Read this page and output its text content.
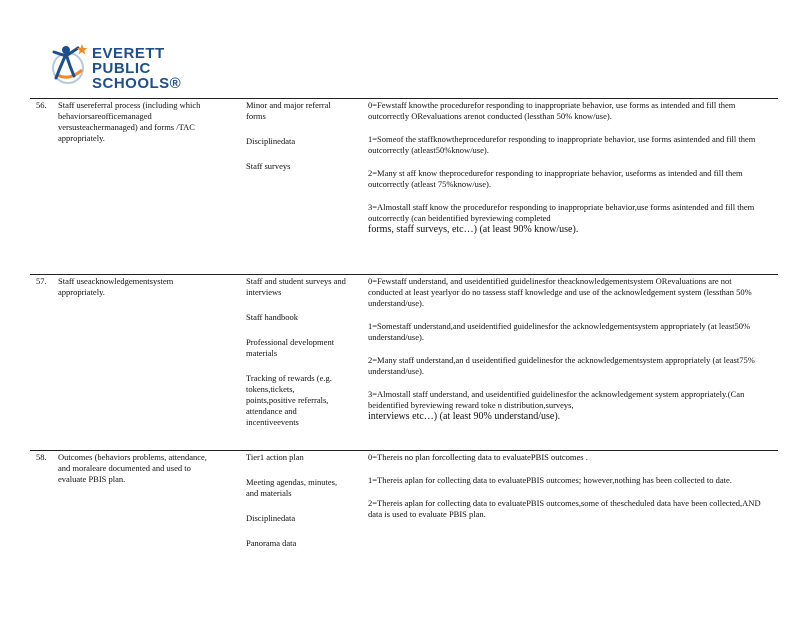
EVERETT
PUBLIC
SCHOOLS®
56. Staff usereferral process (including which behaviorsareofficemanaged versusteachermanaged) and forms /TAC appropriately.
Minor and major referral forms
Disciplinedata
Staff surveys
0=Fewstaff knowthe procedurefor responding to inappropriate behavior, use forms as intended and fill them outcorrectly ORevaluations arenot conducted (lessthan 50% know/use).
1=Someof the staffknowtheprocedurefor responding to inappropriate behavior, use forms asintended and fill them outcorrectly (atleast50%know/use).
2=Many st aff know theprocedurefor responding to inappropriate behavior, useforms as intended and fill them outcorrectly (atleast 75%know/use).
3=Almostall staff know the procedurefor responding to inappropriate behavior,use forms asintended and fill them outcorrectly (can beidentified byreviewing completed
forms, staff surveys, etc…) (at least 90% know/use).
57. Staff useacknowledgementsystem appropriately.
Staff and student surveys and interviews
Staff handbook
Professional development materials
Tracking of rewards (e.g. tokens,tickets, points,positive referrals, attendance and incentiveevents
0=Fewstaff understand, and useidentified guidelinesfor theacknowledgementsystem ORevaluations are not conducted at least yearlyor do no tassess staff knowledge and use of the acknowledgement system (lessthan 50% understand/use).
1=Somestaff understand,and useidentified guidelinesfor the acknowledgementsystem appropriately (at least50% understand/use).
2=Many staff understand,an d useidentified guidelinesfor the acknowledgementsystem appropriately (at least75% understand/use).
3=Almostall staff understand, and useidentified guidelinesfor the acknowledgement system appropriately.(Can beidentified byreviewing reward toke n distribution,surveys,
interviews etc…) (at least 90% understand/use).
58. Outcomes (behaviors problems, attendance, and moraleare documented and used to evaluate PBIS plan.
Tier1 action plan
Meeting agendas, minutes, and materials
Disciplinedata
Panorama data
0=Thereis no plan forcollecting data to evaluatePBIS outcomes .
1=Thereis aplan for collecting data to evaluatePBIS outcomes; however,nothing has been collected to date.
2=Thereis aplan for collecting data to evaluatePBIS outcomes,some of thescheduled data have been collected,AND data is used to evaluate PBIS plan.
